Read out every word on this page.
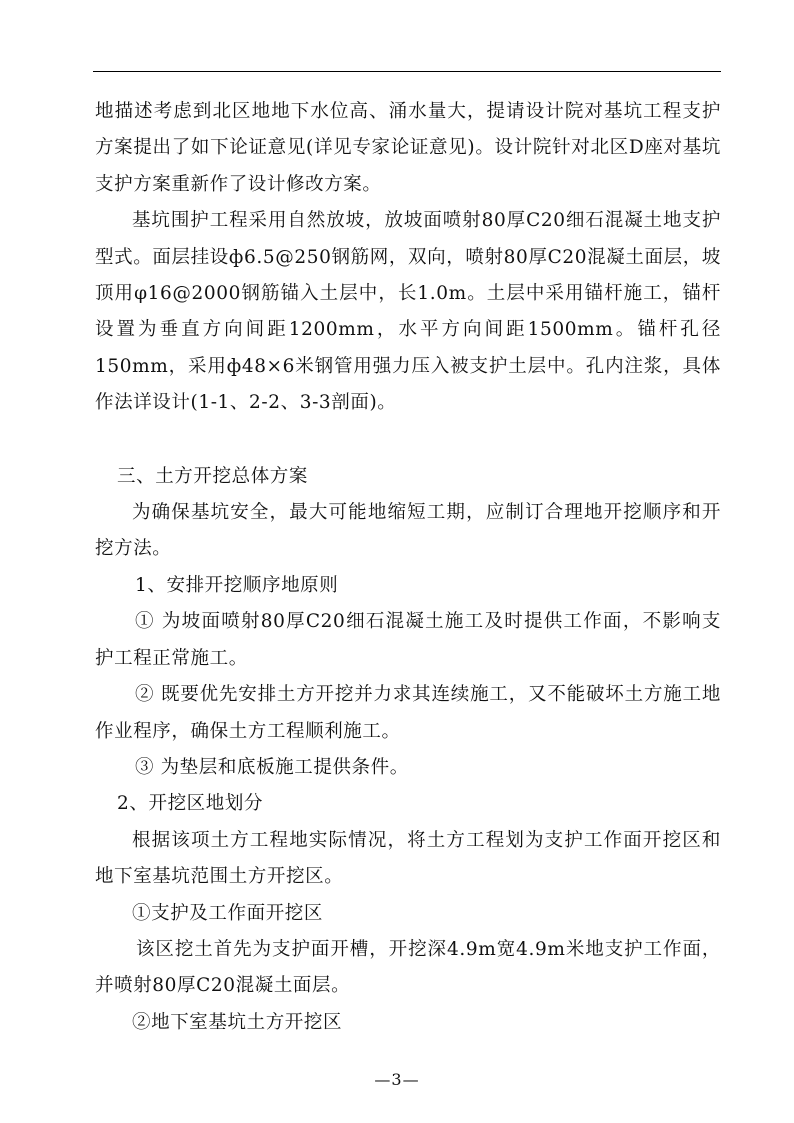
地描述考虑到北区地地下水位高、涌水量大，提请设计院对基坑工程支护方案提出了如下论证意见(详见专家论证意见)。设计院针对北区D座对基坑支护方案重新作了设计修改方案。

基坑围护工程采用自然放坡，放坡面喷射80厚C20细石混凝土地支护型式。面层挂设ф6.5@250钢筋网，双向，喷射80厚C20混凝土面层，坡顶用φ16@2000钢筋锚入土层中，长1.0m。土层中采用锚杆施工，锚杆设置为垂直方向间距1200mm，水平方向间距1500mm。锚杆孔径150mm，采用ф48×6米钢管用强力压入被支护土层中。孔内注浆，具体作法详设计(1-1、2-2、3-3剖面)。

三、土方开挖总体方案

为确保基坑安全，最大可能地缩短工期，应制订合理地开挖顺序和开挖方法。

1、安排开挖顺序地原则

① 为坡面喷射80厚C20细石混凝土施工及时提供工作面，不影响支护工程正常施工。

② 既要优先安排土方开挖并力求其连续施工，又不能破坏土方施工地作业程序，确保土方工程顺利施工。

③ 为垫层和底板施工提供条件。

2、开挖区地划分

根据该项土方工程地实际情况，将土方工程划为支护工作面开挖区和地下室基坑范围土方开挖区。

①支护及工作面开挖区

该区挖土首先为支护面开槽，开挖深4.9m宽4.9m米地支护工作面，并喷射80厚C20混凝土面层。

②地下室基坑土方开挖区

—3—
